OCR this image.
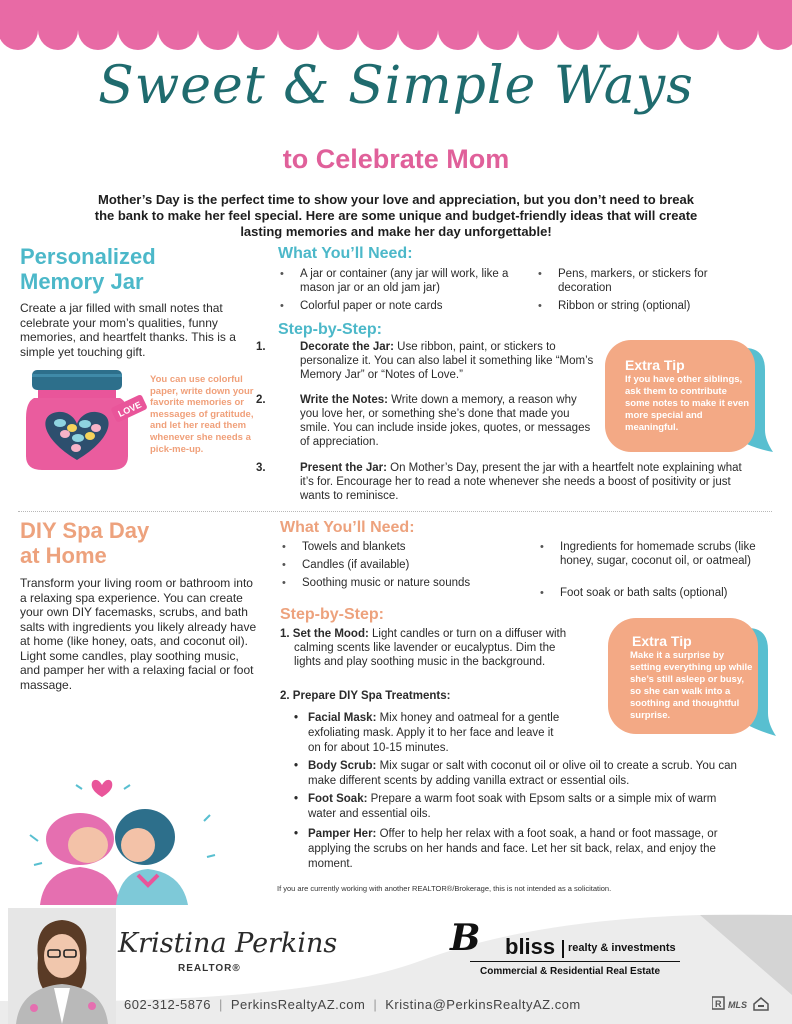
Sweet & Simple Ways
to Celebrate Mom
Mother’s Day is the perfect time to show your love and appreciation, but you don’t need to break the bank to make her feel special. Here are some unique and budget-friendly ideas that will create lasting memories and make her day unforgettable!
Personalized
Memory Jar
Create a jar filled with small notes that celebrate your mom’s qualities, funny memories, and heartfelt thanks. This is a simple yet touching gift.
LOVE
You can use colorful paper, write down your favorite memories or messages of gratitude, and let her read them whenever she needs a pick-me-up.
What You’ll Need:
• A jar or container (any jar will work, like a mason jar or an old jam jar)
• Colorful paper or note cards
• Pens, markers, or stickers for decoration
• Ribbon or string (optional)
Step-by-Step:
1.	Decorate the Jar: Use ribbon, paint, or stickers to personalize it. You can also label it something like “Mom’s Memory Jar” or “Notes of Love.”
2.	Write the Notes: Write down a memory, a reason why you love her, or something she’s done that made you smile. You can include inside jokes, quotes, or messages of appreciation.
3.	Present the Jar: On Mother’s Day, present the jar with a heartfelt note explaining what it’s for. Encourage her to read a note whenever she needs a boost of positivity or just wants to reminisce.
Extra Tip
If you have other siblings, ask them to contribute some notes to make it even more special and meaningful.
DIY Spa Day
at Home
Transform your living room or bathroom into a relaxing spa experience. You can create your own DIY facemasks, scrubs, and bath salts with ingredients you likely already have at home (like honey, oats, and coconut oil). Light some candles, play soothing music, and pamper her with a relaxing facial or foot massage.
What You’ll Need:
• Towels and blankets
• Candles (if available)
• Soothing music or nature sounds
• Ingredients for homemade scrubs (like honey, sugar, coconut oil, or oatmeal)
• Foot soak or bath salts (optional)
Step-by-Step:
1. Set the Mood: Light candles or turn on a diffuser with calming scents like lavender or eucalyptus. Dim the lights and play soothing music in the background.
2. Prepare DIY Spa Treatments:
• Facial Mask: Mix honey and oatmeal for a gentle exfoliating mask. Apply it to her face and leave it on for about 10-15 minutes.
• Body Scrub: Mix sugar or salt with coconut oil or olive oil to create a scrub. You can make different scents by adding vanilla extract or essential oils.
• Foot Soak: Prepare a warm foot soak with Epsom salts or a simple mix of warm water and essential oils.
• Pamper Her: Offer to help her relax with a foot soak, a hand or foot massage, or applying the scrubs on her hands and face. Let her sit back, relax, and enjoy the moment.
Extra Tip
Make it a surprise by setting everything up while she’s still asleep or busy, so she can walk into a soothing and thoughtful surprise.
If you are currently working with another REALTOR®/Brokerage, this is not intended as a solicitation.
Kristina Perkins
REALTOR®
B bliss realty & investments
Commercial & Residential Real Estate
602-312-5876 | PerkinsRealtyAZ.com | Kristina@PerkinsRealtyAZ.com	R MLS
